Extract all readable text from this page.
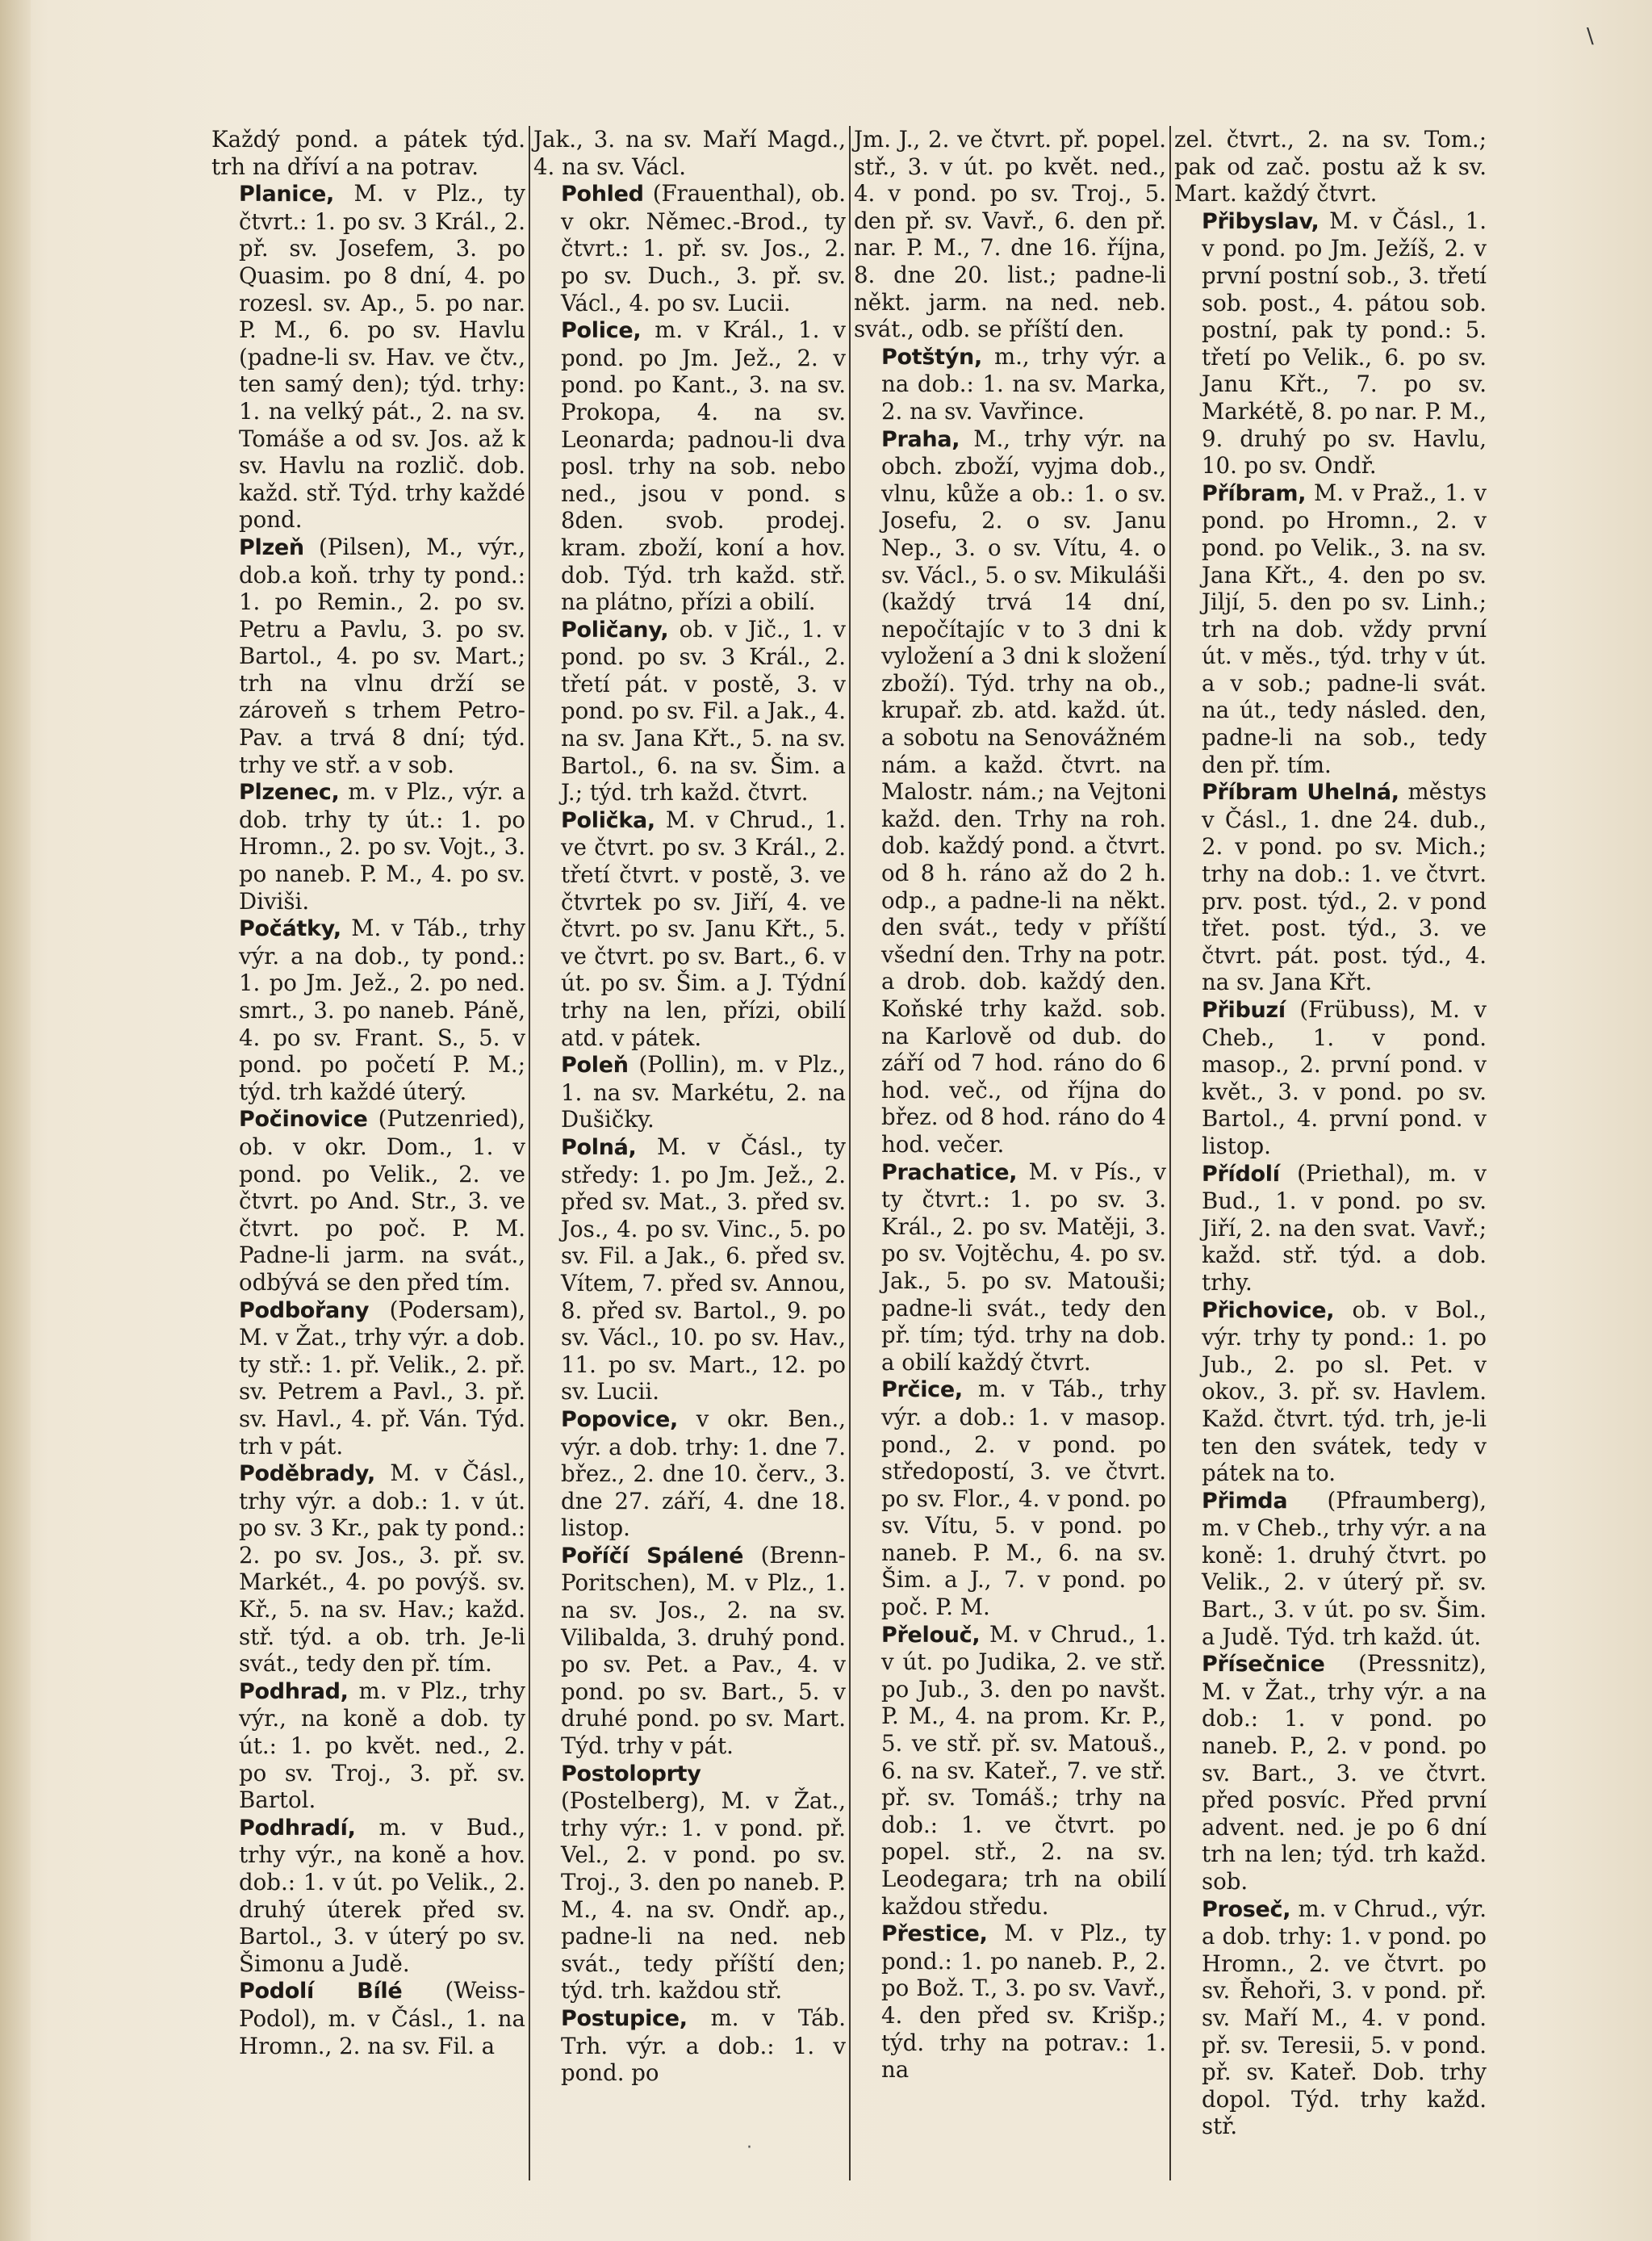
\

Každý pond. a pátek týd. trh na dříví a na potrav.

Planice, M. v Plz., ty čtvrt.: 1. po sv. 3 Král., 2. př. sv. Josefem, 3. po Quasim. po 8 dní, 4. po rozesl. sv. Ap., 5. po nar. P. M., 6. po sv. Havlu (padne-li sv. Hav. ve čtv., ten samý den); týd. trhy: 1. na velký pát., 2. na sv. Tomáše a od sv. Jos. až k sv. Havlu na rozlič. dob. každ. stř. Týd. trhy každé pond.

Plzeň (Pilsen), M., výr., dob.a koň. trhy ty pond.: 1. po Remin., 2. po sv. Petru a Pavlu, 3. po sv. Bartol., 4. po sv. Mart.; trh na vlnu drží se zároveň s trhem Petro-Pav. a trvá 8 dní; týd. trhy ve stř. a v sob.

Plzenec, m. v Plz., výr. a dob. trhy ty út.: 1. po Hromn., 2. po sv. Vojt., 3. po naneb. P. M., 4. po sv. Diviši.

Počátky, M. v Táb., trhy výr. a na dob., ty pond.: 1. po Jm. Jež., 2. po ned. smrt., 3. po naneb. Páně, 4. po sv. Frant. S., 5. v pond. po početí P. M.; týd. trh každé úterý.

Počinovice (Putzenried), ob. v okr. Dom., 1. v pond. po Velik., 2. ve čtvrt. po And. Str., 3. ve čtvrt. po poč. P. M. Padne-li jarm. na svát., odbývá se den před tím.

Podbořany (Podersam), M. v Žat., trhy výr. a dob. ty stř.: 1. př. Velik., 2. př. sv. Petrem a Pavl., 3. př. sv. Havl., 4. př. Ván. Týd. trh v pát.

Poděbrady, M. v Čásl., trhy výr. a dob.: 1. v út. po sv. 3 Kr., pak ty pond.: 2. po sv. Jos., 3. př. sv. Markét., 4. po povýš. sv. Kř., 5. na sv. Hav.; každ. stř. týd. a ob. trh. Je-li svát., tedy den př. tím.

Podhrad, m. v Plz., trhy výr., na koně a dob. ty út.: 1. po květ. ned., 2. po sv. Troj., 3. př. sv. Bartol.

Podhradí, m. v Bud., trhy výr., na koně a hov. dob.: 1. v út. po Velik., 2. druhý úterek před sv. Bartol., 3. v úterý po sv. Šimonu a Judě.

Podolí Bílé (Weiss-Podol), m. v Čásl., 1. na Hromn., 2. na sv. Fil. a

Jak., 3. na sv. Maří Magd., 4. na sv. Václ.

Pohled (Frauenthal), ob. v okr. Němec.-Brod., ty čtvrt.: 1. př. sv. Jos., 2. po sv. Duch., 3. př. sv. Václ., 4. po sv. Lucii.

Police, m. v Král., 1. v pond. po Jm. Jež., 2. v pond. po Kant., 3. na sv. Prokopa, 4. na sv. Leonarda; padnou-li dva posl. trhy na sob. nebo ned., jsou v pond. s 8den. svob. prodej. kram. zboží, koní a hov. dob. Týd. trh každ. stř. na plátno, přízi a obilí.

Poličany, ob. v Jič., 1. v pond. po sv. 3 Král., 2. třetí pát. v postě, 3. v pond. po sv. Fil. a Jak., 4. na sv. Jana Křt., 5. na sv. Bartol., 6. na sv. Šim. a J.; týd. trh každ. čtvrt.

Polička, M. v Chrud., 1. ve čtvrt. po sv. 3 Král., 2. třetí čtvrt. v postě, 3. ve čtvrtek po sv. Jiří, 4. ve čtvrt. po sv. Janu Křt., 5. ve čtvrt. po sv. Bart., 6. v út. po sv. Šim. a J. Týdní trhy na len, přízi, obilí atd. v pátek.

Poleň (Pollin), m. v Plz., 1. na sv. Markétu, 2. na Dušičky.

Polná, M. v Čásl., ty středy: 1. po Jm. Jež., 2. před sv. Mat., 3. před sv. Jos., 4. po sv. Vinc., 5. po sv. Fil. a Jak., 6. před sv. Vítem, 7. před sv. Annou, 8. před sv. Bartol., 9. po sv. Václ., 10. po sv. Hav., 11. po sv. Mart., 12. po sv. Lucii.

Popovice, v okr. Ben., výr. a dob. trhy: 1. dne 7. břez., 2. dne 10. červ., 3. dne 27. září, 4. dne 18. listop.

Poříčí Spálené (Brenn-Poritschen), M. v Plz., 1. na sv. Jos., 2. na sv. Vilibalda, 3. druhý pond. po sv. Pet. a Pav., 4. v pond. po sv. Bart., 5. v druhé pond. po sv. Mart. Týd. trhy v pát.

Postoloprty (Postelberg), M. v Žat., trhy výr.: 1. v pond. př. Vel., 2. v pond. po sv. Troj., 3. den po naneb. P. M., 4. na sv. Ondř. ap., padne-li na ned. neb svát., tedy příští den; týd. trh. každou stř.

Postupice, m. v Táb. Trh. výr. a dob.: 1. v pond. po

Jm. J., 2. ve čtvrt. př. popel. stř., 3. v út. po květ. ned., 4. v pond. po sv. Troj., 5. den př. sv. Vavř., 6. den př. nar. P. M., 7. dne 16. října, 8. dne 20. list.; padne-li někt. jarm. na ned. neb. svát., odb. se příští den.

Potštýn, m., trhy výr. a na dob.: 1. na sv. Marka, 2. na sv. Vavřince.

Praha, M., trhy výr. na obch. zboží, vyjma dob., vlnu, kůže a ob.: 1. o sv. Josefu, 2. o sv. Janu Nep., 3. o sv. Vítu, 4. o sv. Václ., 5. o sv. Mikuláši (každý trvá 14 dní, nepočítajíc v to 3 dni k vyložení a 3 dni k složení zboží). Týd. trhy na ob., krupař. zb. atd. každ. út. a sobotu na Senovážném nám. a každ. čtvrt. na Malostr. nám.; na Vejtoni každ. den. Trhy na roh. dob. každý pond. a čtvrt. od 8 h. ráno až do 2 h. odp., a padne-li na někt. den svát., tedy v příští všední den. Trhy na potr. a drob. dob. každý den. Koňské trhy každ. sob. na Karlově od dub. do září od 7 hod. ráno do 6 hod. več., od října do břez. od 8 hod. ráno do 4 hod. večer.

Prachatice, M. v Pís., v ty čtvrt.: 1. po sv. 3. Král., 2. po sv. Matěji, 3. po sv. Vojtěchu, 4. po sv. Jak., 5. po sv. Matouši; padne-li svát., tedy den př. tím; týd. trhy na dob. a obilí každý čtvrt.

Prčice, m. v Táb., trhy výr. a dob.: 1. v masop. pond., 2. v pond. po středopostí, 3. ve čtvrt. po sv. Flor., 4. v pond. po sv. Vítu, 5. v pond. po naneb. P. M., 6. na sv. Šim. a J., 7. v pond. po poč. P. M.

Přelouč, M. v Chrud., 1. v út. po Judika, 2. ve stř. po Jub., 3. den po navšt. P. M., 4. na prom. Kr. P., 5. ve stř. př. sv. Matouš., 6. na sv. Kateř., 7. ve stř. př. sv. Tomáš.; trhy na dob.: 1. ve čtvrt. po popel. stř., 2. na sv. Leodegara; trh na obilí každou středu.

Přestice, M. v Plz., ty pond.: 1. po naneb. P., 2. po Bož. T., 3. po sv. Vavř., 4. den před sv. Krišp.; týd. trhy na potrav.: 1. na

zel. čtvrt., 2. na sv. Tom.; pak od zač. postu až k sv. Mart. každý čtvrt.

Přibyslav, M. v Čásl., 1. v pond. po Jm. Ježíš, 2. v první postní sob., 3. třetí sob. post., 4. pátou sob. postní, pak ty pond.: 5. třetí po Velik., 6. po sv. Janu Křt., 7. po sv. Markétě, 8. po nar. P. M., 9. druhý po sv. Havlu, 10. po sv. Ondř.

Příbram, M. v Praž., 1. v pond. po Hromn., 2. v pond. po Velik., 3. na sv. Jana Křt., 4. den po sv. Jiljí, 5. den po sv. Linh.; trh na dob. vždy první út. v měs., týd. trhy v út. a v sob.; padne-li svát. na út., tedy násled. den, padne-li na sob., tedy den př. tím.

Příbram Uhelná, městys v Čásl., 1. dne 24. dub., 2. v pond. po sv. Mich.; trhy na dob.: 1. ve čtvrt. prv. post. týd., 2. v pond třet. post. týd., 3. ve čtvrt. pát. post. týd., 4. na sv. Jana Křt.

Přibuzí (Frübuss), M. v Cheb., 1. v pond. masop., 2. první pond. v květ., 3. v pond. po sv. Bartol., 4. první pond. v listop.

Přídolí (Priethal), m. v Bud., 1. v pond. po sv. Jiří, 2. na den svat. Vavř.; každ. stř. týd. a dob. trhy.

Přichovice, ob. v Bol., výr. trhy ty pond.: 1. po Jub., 2. po sl. Pet. v okov., 3. př. sv. Havlem. Každ. čtvrt. týd. trh, je-li ten den svátek, tedy v pátek na to.

Přimda (Pfraumberg), m. v Cheb., trhy výr. a na koně: 1. druhý čtvrt. po Velik., 2. v úterý př. sv. Bart., 3. v út. po sv. Šim. a Judě. Týd. trh každ. út.

Přísečnice (Pressnitz), M. v Žat., trhy výr. a na dob.: 1. v pond. po naneb. P., 2. v pond. po sv. Bart., 3. ve čtvrt. před posvíc. Před první advent. ned. je po 6 dní trh na len; týd. trh každ. sob.

Proseč, m. v Chrud., výr. a dob. trhy: 1. v pond. po Hromn., 2. ve čtvrt. po sv. Řehoři, 3. v pond. př. sv. Maří M., 4. v pond. př. sv. Teresii, 5. v pond. př. sv. Kateř. Dob. trhy dopol. Týd. trhy každ. stř.

·
